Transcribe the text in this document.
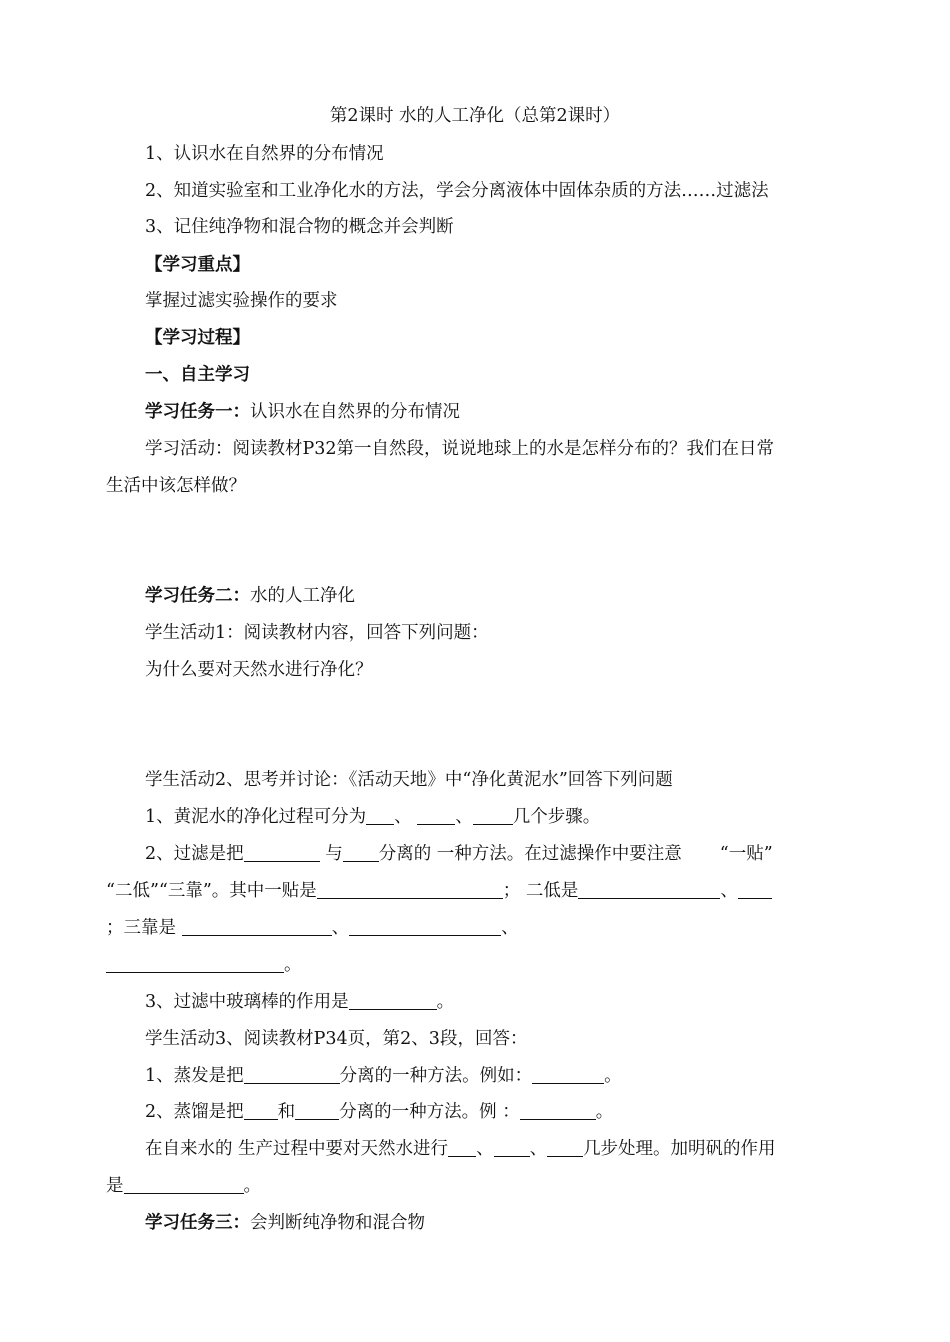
第2课时 水的人工净化（总第2课时）
1、认识水在自然界的分布情况
2、知道实验室和工业净化水的方法，学会分离液体中固体杂质的方法……过滤法
3、记住纯净物和混合物的概念并会判断
【学习重点】
掌握过滤实验操作的要求
【学习过程】
一、自主学习
学习任务一：认识水在自然界的分布情况
学习活动：阅读教材P32第一自然段，说说地球上的水是怎样分布的？我们在日常
生活中该怎样做？
学习任务二：水的人工净化
学生活动1：阅读教材内容，回答下列问题：
为什么要对天然水进行净化？
学生活动2、思考并讨论：《活动天地》中“净化黄泥水”回答下列问题
1、黄泥水的净化过程可分为 、 、 几个步骤。
2、过滤是把	与 分离的 一种方法。在过滤操作中要注意 “一贴”
“二低”“三靠”。其中一贴是	； 二低是	、
；三靠是	、	、
。
3、过滤中玻璃棒的作用是	。
学生活动3、阅读教材P34页，第2、3段，回答：
1、蒸发是把	分离的一种方法。例如：	。
2、蒸馏是把 和	分离的一种方法。例 ：	。
在自来水的 生产过程中要对天然水进行 、 、 几步处理。加明矾的作用
是	。
学习任务三：会判断纯净物和混合物
